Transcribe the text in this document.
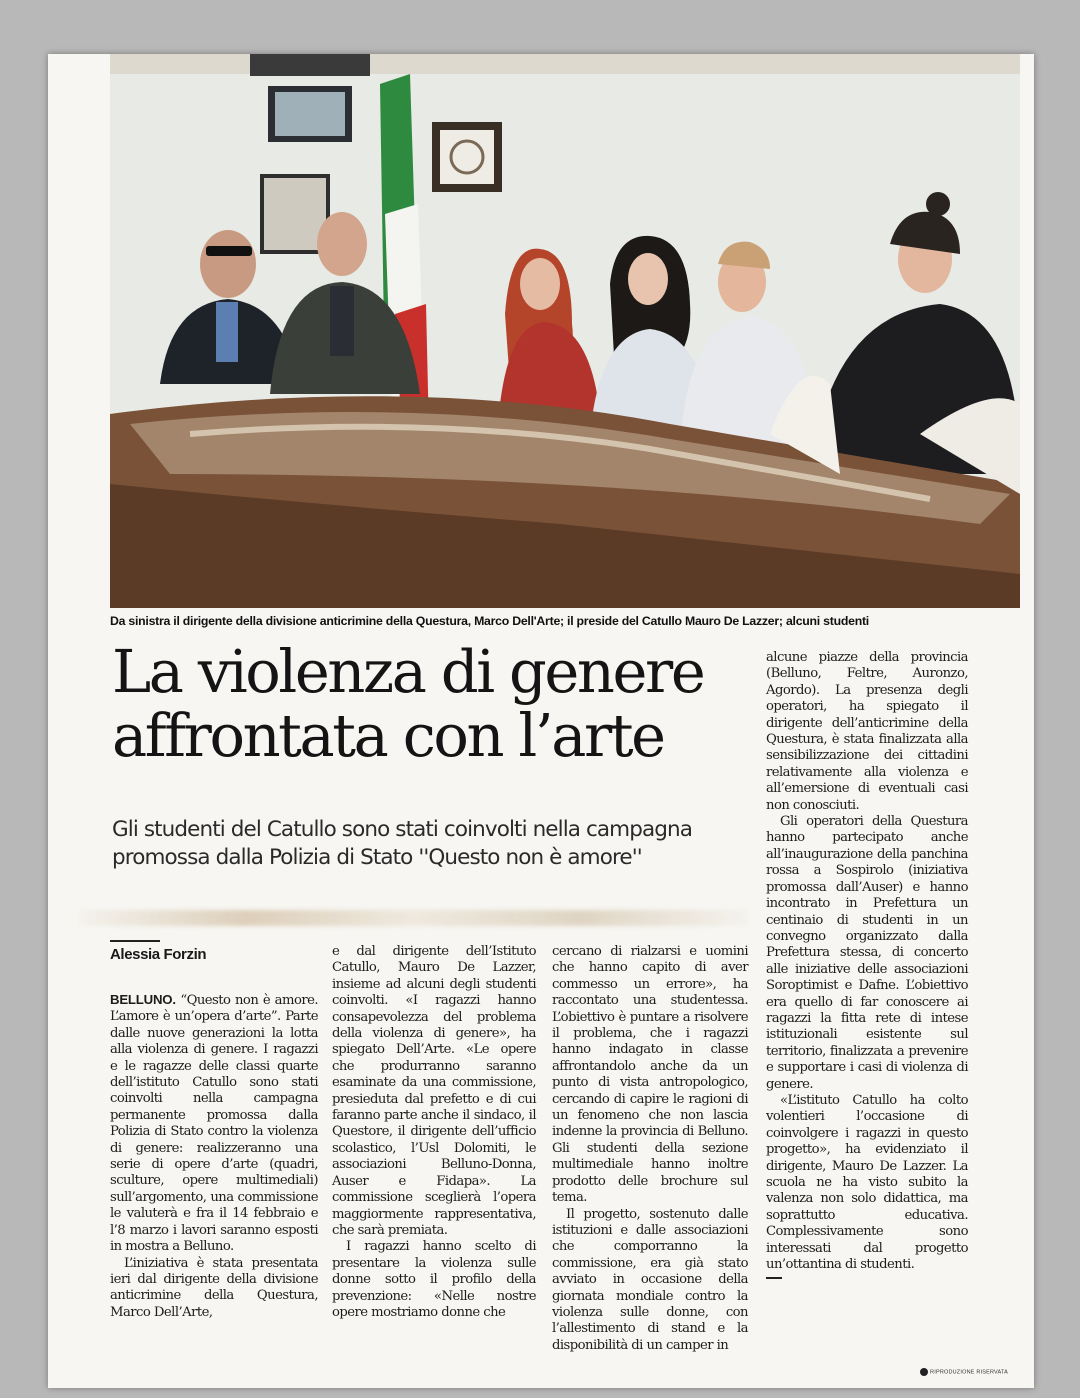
Da sinistra il dirigente della divisione anticrimine della Questura, Marco Dell'Arte; il preside del Catullo Mauro De Lazzer; alcuni studenti
La violenza di genere affrontata con l’arte
Gli studenti del Catullo sono stati coinvolti nella campagna promossa dalla Polizia di Stato ''Questo non è amore''
Alessia Forzin

BELLUNO. “Questo non è amore. L’amore è un’opera d’arte”. Parte dalle nuove generazioni la lotta alla violenza di genere. I ragazzi e le ragazze delle classi quarte dell’istituto Catullo sono stati coinvolti nella campagna permanente promossa dalla Polizia di Stato contro la violenza di genere: realizzeranno una serie di opere d’arte (quadri, sculture, opere multimediali) sull’argomento, una commissione le valuterà e fra il 14 febbraio e l’8 marzo i lavori saranno esposti in mostra a Belluno.

L’iniziativa è stata presentata ieri dal dirigente della divisione anticrimine della Questura, Marco Dell’Arte,

e dal dirigente dell’Istituto Catullo, Mauro De Lazzer, insieme ad alcuni degli studenti coinvolti. «I ragazzi hanno consapevolezza del problema della violenza di genere», ha spiegato Dell’Arte. «Le opere che produrranno saranno esaminate da una commissione, presieduta dal prefetto e di cui faranno parte anche il sindaco, il Questore, il dirigente dell’ufficio scolastico, l’Usl Dolomiti, le associazioni Belluno-Donna, Auser e Fidapa». La commissione sceglierà l’opera maggiormente rappresentativa, che sarà premiata.

I ragazzi hanno scelto di presentare la violenza sulle donne sotto il profilo della prevenzione: «Nelle nostre opere mostriamo donne che

cercano di rialzarsi e uomini che hanno capito di aver commesso un errore», ha raccontato una studentessa. L’obiettivo è puntare a risolvere il problema, che i ragazzi hanno indagato in classe affrontandolo anche da un punto di vista antropologico, cercando di capire le ragioni di un fenomeno che non lascia indenne la provincia di Belluno. Gli studenti della sezione multimediale hanno inoltre prodotto delle brochure sul tema.

Il progetto, sostenuto dalle istituzioni e dalle associazioni che comporranno la commissione, era già stato avviato in occasione della giornata mondiale contro la violenza sulle donne, con l’allestimento di stand e la disponibilità di un camper in

alcune piazze della provincia (Belluno, Feltre, Auronzo, Agordo). La presenza degli operatori, ha spiegato il dirigente dell’anticrimine della Questura, è stata finalizzata alla sensibilizzazione dei cittadini relativamente alla violenza e all’emersione di eventuali casi non conosciuti.

Gli operatori della Questura hanno partecipato anche all’inaugurazione della panchina rossa a Sospirolo (iniziativa promossa dall’Auser) e hanno incontrato in Prefettura un centinaio di studenti in un convegno organizzato dalla Prefettura stessa, di concerto alle iniziative delle associazioni Soroptimist e Dafne. L’obiettivo era quello di far conoscere ai ragazzi la fitta rete di intese istituzionali esistente sul territorio, finalizzata a prevenire e supportare i casi di violenza di genere.

«L’istituto Catullo ha colto volentieri l’occasione di coinvolgere i ragazzi in questo progetto», ha evidenziato il dirigente, Mauro De Lazzer. La scuola ne ha visto subito la valenza non solo didattica, ma soprattutto educativa. Complessivamente sono interessati dal progetto un’ottantina di studenti.

RIPRODUZIONE RISERVATA
